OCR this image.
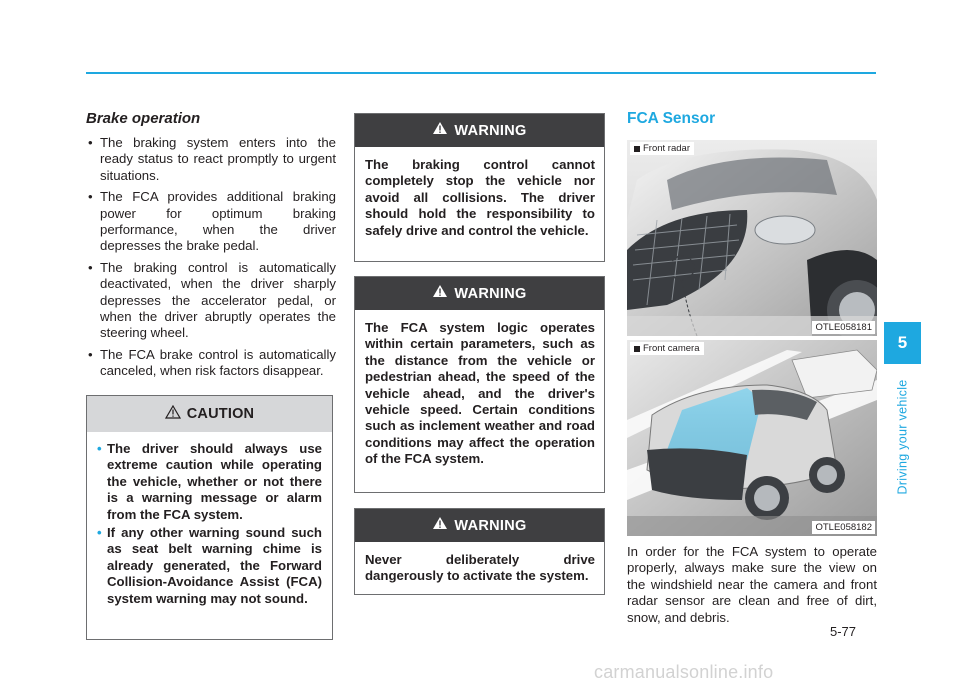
Brake operation
• The braking system enters into the ready status to react promptly to urgent situations.
• The FCA provides additional braking power for optimum braking performance, when the driver depresses the brake pedal.
• The braking control is automatically deactivated, when the driver sharply depresses the accelerator pedal, or when the driver abruptly operates the steering wheel.
• The FCA brake control is automatically canceled, when risk factors disappear.
CAUTION
• The driver should always use extreme caution while operating the vehicle, whether or not there is a warning message or alarm from the FCA system.
• If any other warning sound such as seat belt warning chime is already generated, the Forward Collision-Avoidance Assist (FCA) system warning may not sound.
WARNING
The braking control cannot completely stop the vehicle nor avoid all collisions. The driver should hold the responsibility to safely drive and control the vehicle.
WARNING
The FCA system logic operates within certain parameters, such as the distance from the vehicle or pedestrian ahead, the speed of the vehicle ahead, and the driver's vehicle speed. Certain conditions such as inclement weather and road conditions may affect the operation of the FCA system.
WARNING
Never deliberately drive dangerously to activate the system.
FCA Sensor
Front radar
OTLE058181
Front camera
OTLE058182
In order for the FCA system to operate properly, always make sure the view on the windshield near the camera and front radar sensor are clean and free of dirt, snow, and debris.
5
Driving your vehicle
5-77
carmanualsonline.info
